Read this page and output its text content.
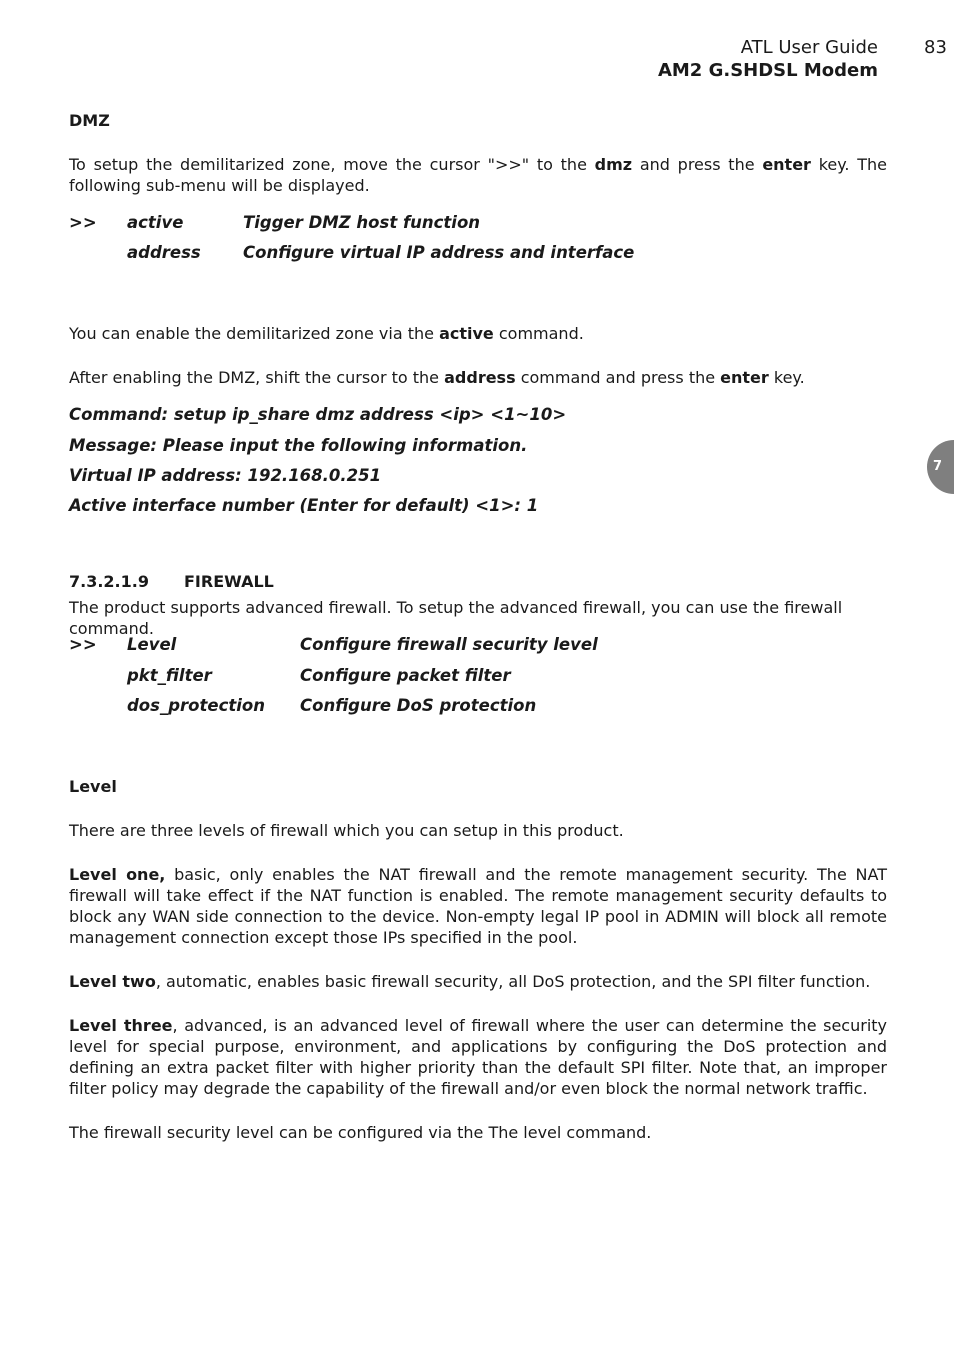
ATL User Guide
AM2 G.SHDSL Modem
83
7
DMZ
To setup the demilitarized zone, move the cursor ">>" to the dmz and press the enter key. The following sub-menu will be displayed.
>> active	Tigger DMZ host function
address	Configure virtual IP address and interface
You can enable the demilitarized zone via the active command.
After enabling the DMZ, shift the cursor to the address command and press the enter key.
Command: setup ip_share dmz address <ip> <1~10>
Message: Please input the following information.
Virtual IP address: 192.168.0.251
Active interface number (Enter for default) <1>: 1
7.3.2.1.9 FIREWALL
The product supports advanced firewall. To setup the advanced firewall, you can use the firewall command.
>> Level	Configure firewall security level
pkt_filter	Configure packet filter
dos_protection Configure DoS protection
Level
There are three levels of firewall which you can setup in this product.
Level one, basic, only enables the NAT firewall and the remote management security. The NAT firewall will take effect if the NAT function is enabled. The remote management security defaults to block any WAN side connection to the device. Non-empty legal IP pool in ADMIN will block all remote management connection except those IPs specified in the pool.
Level two, automatic, enables basic firewall security, all DoS protection, and the SPI filter function.
Level three, advanced, is an advanced level of firewall where the user can determine the security level for special purpose, environment, and applications by configuring the DoS protection and defining an extra packet filter with higher priority than the default SPI filter. Note that, an improper filter policy may degrade the capability of the firewall and/or even block the normal network traffic.
The firewall security level can be configured via the The level command.
